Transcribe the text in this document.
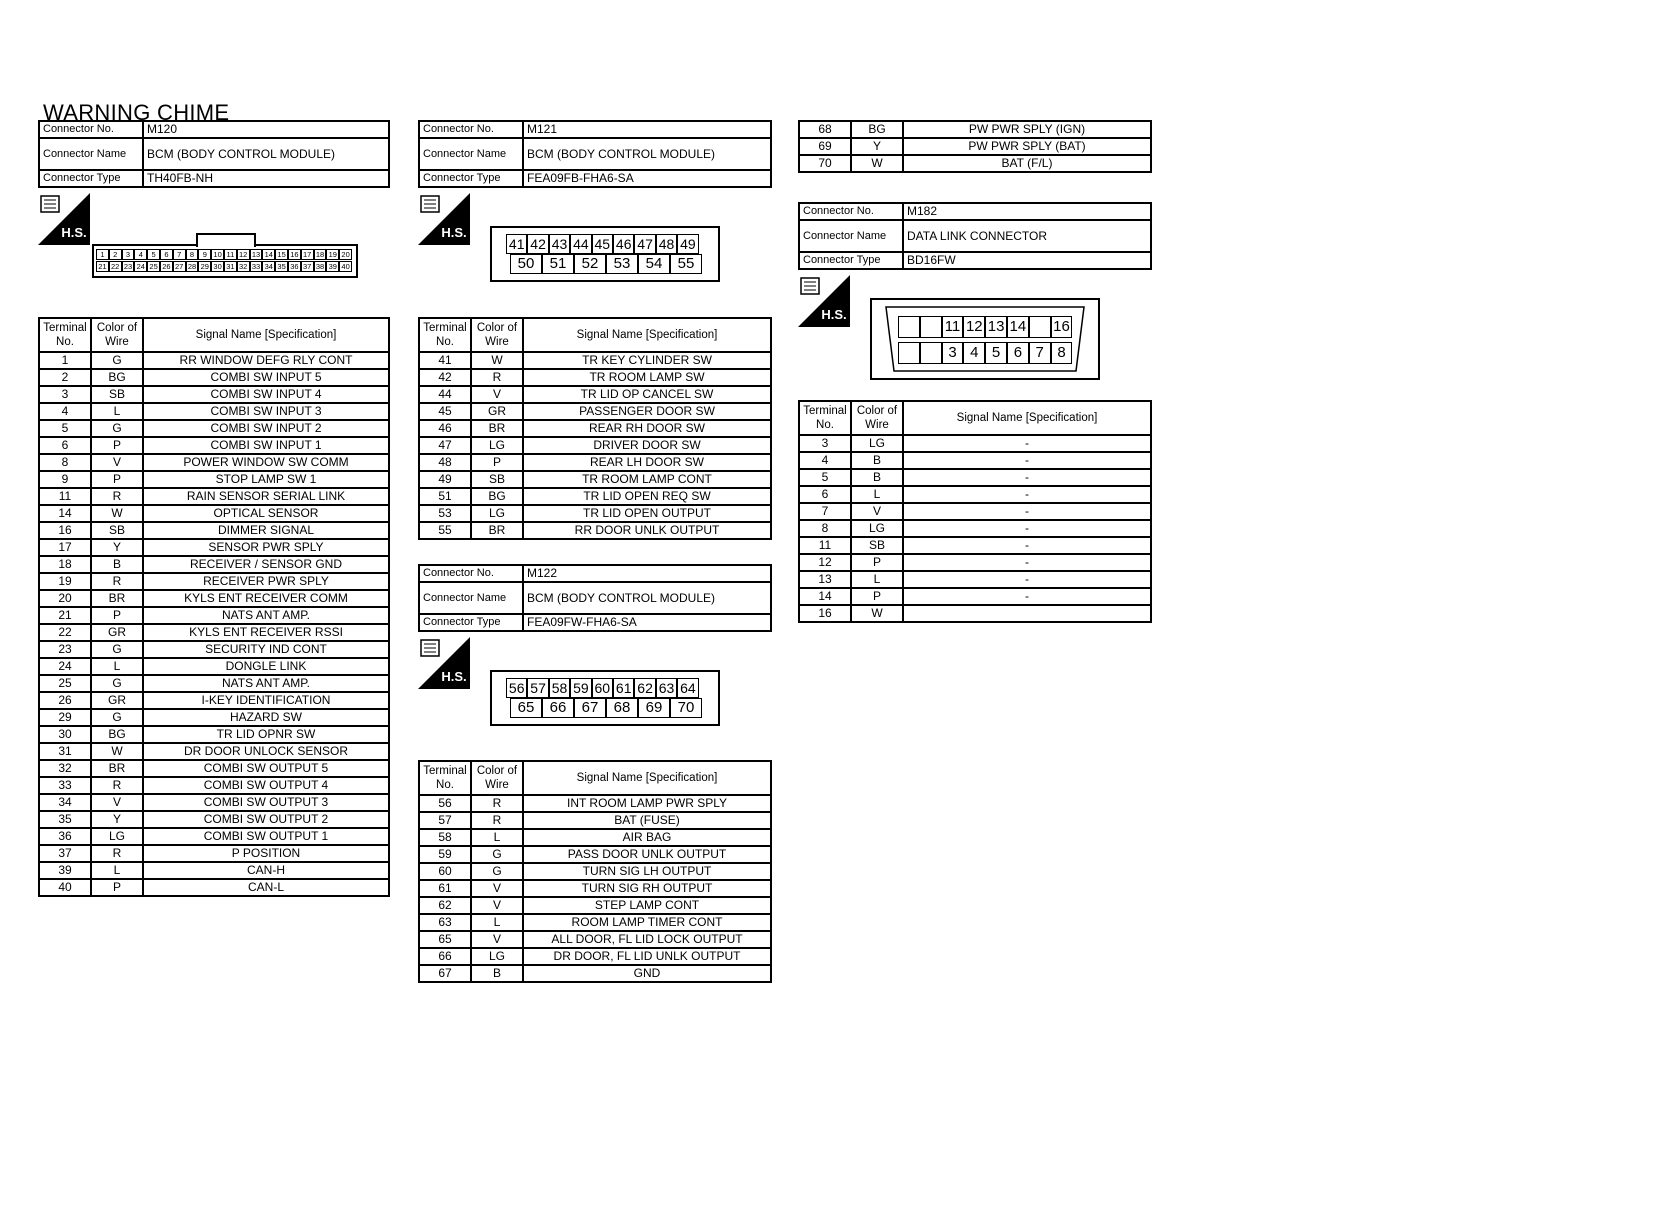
WARNING CHIME
Connector No.	M120
Connector Name	BCM (BODY CONTROL MODULE)
Connector Type	TH40FB-NH
H.S.
1	2	3	4	5	6	7	8	9 10 11 12 13 14 15 16 17 18 19 20
21 22 23 24 25 26 27 28 29 30 31 32 33 34 35 36 37 38 39 40
Terminal No.	Color of Wire	Signal Name [Specification]
1	G	RR WINDOW DEFG RLY CONT
2	BG	COMBI SW INPUT 5
3	SB	COMBI SW INPUT 4
4	L	COMBI SW INPUT 3
5	G	COMBI SW INPUT 2
6	P	COMBI SW INPUT 1
8	V	POWER WINDOW SW COMM
9	P	STOP LAMP SW 1
11	R	RAIN SENSOR SERIAL LINK
14	W	OPTICAL SENSOR
16	SB	DIMMER SIGNAL
17	Y	SENSOR PWR SPLY
18	B	RECEIVER / SENSOR GND
19	R	RECEIVER PWR SPLY
20	BR	KYLS ENT RECEIVER COMM
21	P	NATS ANT AMP.
22	GR	KYLS ENT RECEIVER RSSI
23	G	SECURITY IND CONT
24	L	DONGLE LINK
25	G	NATS ANT AMP.
26	GR	I-KEY IDENTIFICATION
29	G	HAZARD SW
30	BG	TR LID OPNR SW
31	W	DR DOOR UNLOCK SENSOR
32	BR	COMBI SW OUTPUT 5
33	R	COMBI SW OUTPUT 4
34	V	COMBI SW OUTPUT 3
35	Y	COMBI SW OUTPUT 2
36	LG	COMBI SW OUTPUT 1
37	R	P POSITION
39	L	CAN-H
40	P	CAN-L
Connector No.	M121
Connector Name	BCM (BODY CONTROL MODULE)
Connector Type	FEA09FB-FHA6-SA
H.S.
41 42 43 44 45 46 47 48 49
50	51	52	53	54	55
Terminal No.	Color of Wire	Signal Name [Specification]
41	W	TR KEY CYLINDER SW
42	R	TR ROOM LAMP SW
44	V	TR LID OP CANCEL SW
45	GR	PASSENGER DOOR SW
46	BR	REAR RH DOOR SW
47	LG	DRIVER DOOR SW
48	P	REAR LH DOOR SW
49	SB	TR ROOM LAMP CONT
51	BG	TR LID OPEN REQ SW
53	LG	TR LID OPEN OUTPUT
55	BR	RR DOOR UNLK OUTPUT
Connector No.	M122
Connector Name	BCM (BODY CONTROL MODULE)
Connector Type	FEA09FW-FHA6-SA
H.S.
56 57 58 59 60 61 62 63 64
65	66	67	68	69	70
Terminal No.	Color of Wire	Signal Name [Specification]
56	R	INT ROOM LAMP PWR SPLY
57	R	BAT (FUSE)
58	L	AIR BAG
59	G	PASS DOOR UNLK OUTPUT
60	G	TURN SIG LH OUTPUT
61	V	TURN SIG RH OUTPUT
62	V	STEP LAMP CONT
63	L	ROOM LAMP TIMER CONT
65	V	ALL DOOR, FL LID LOCK OUTPUT
66	LG	DR DOOR, FL LID UNLK OUTPUT
67	B	GND
68	BG	PW PWR SPLY (IGN)
69	Y	PW PWR SPLY (BAT)
70	W	BAT (F/L)
Connector No.	M182
Connector Name	DATA LINK CONNECTOR
Connector Type	BD16FW
H.S.
11 12 13 14 16
3 4 5 6 7 8
Terminal No.	Color of Wire	Signal Name [Specification]
3	LG	-
4	B	-
5	B	-
6	L	-
7	V	-
8	LG	-
11	SB	-
12	P	-
13	L	-
14	P	-
16	W	
